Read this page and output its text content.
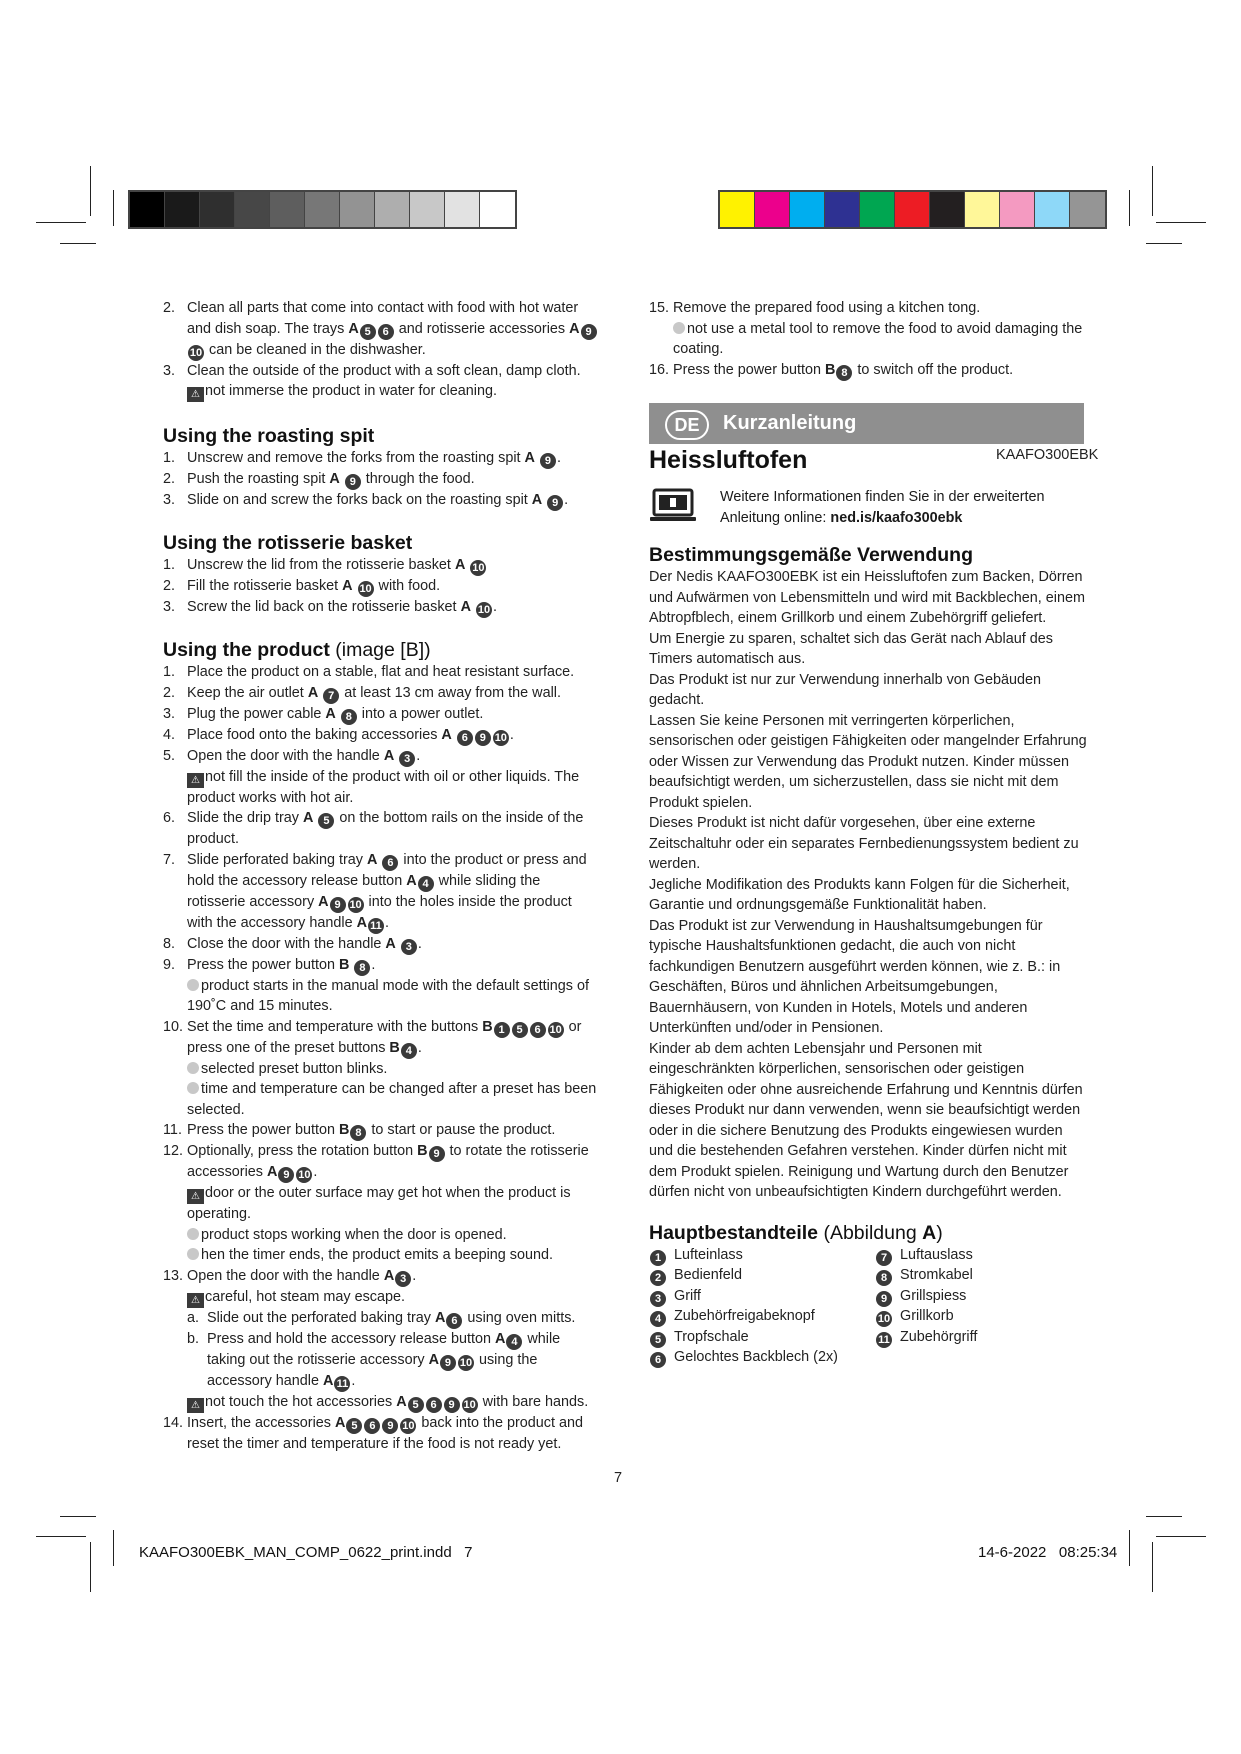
2. Clean all parts that come into contact with food with hot water and dish soap. The trays A 5 6 and rotisserie accessories A 910 can be cleaned in the dishwasher.
3. Clean the outside of the product with a soft clean, damp cloth.
⚠ not immerse the product in water for cleaning.
Using the roasting spit
1. Unscrew and remove the forks from the roasting spit A 9 .
2. Push the roasting spit A 9 through the food.
3. Slide on and screw the forks back on the roasting spit A 9 .
Using the rotisserie basket
1. Unscrew the lid from the rotisserie basket A 10
2. Fill the rotisserie basket A 10 with food.
3. Screw the lid back on the rotisserie basket A 10 .
Using the product (image [B])
1. Place the product on a stable, flat and heat resistant surface.
2. Keep the air outlet A 7 at least 13 cm away from the wall.
3. Plug the power cable A 8 into a power outlet.
4. Place food onto the baking accessories A 6 9 10 .
5. Open the door with the handle A 3 .
⚠ not fill the inside of the product with oil or other liquids. The product works with hot air.
6. Slide the drip tray A 5 on the bottom rails on the inside of the product.
7. Slide perforated baking tray A 6 into the product or press and hold the accessory release button A 4 while sliding the rotisserie accessory A 9 10 into the holes inside the product with the accessory handle A 11 .
8. Close the door with the handle A 3 .
9. Press the power button B 8 .
product starts in the manual mode with the default settings of 190˚C and 15 minutes.
10. Set the time and temperature with the buttons B 1 5 6 10 or press one of the preset buttons B 4 .
selected preset button blinks.
time and temperature can be changed after a preset has been selected.
11. Press the power button B 8 to start or pause the product.
12. Optionally, press the rotation button B 9 to rotate the rotisserie accessories A 9 10 .
⚠ door or the outer surface may get hot when the product is operating.
product stops working when the door is opened.
hen the timer ends, the product emits a beeping sound.
13. Open the door with the handle A 3 .
⚠ careful, hot steam may escape.
a. Slide out the perforated baking tray A 6 using oven mitts.
b. Press and hold the accessory release button A 4 while taking out the rotisserie accessory A 9 10 using the accessory handle A 11 .
⚠ not touch the hot accessories A 5 6 9 10 with bare hands.
14. Insert, the accessories A 5 6 9 10 back into the product and reset the timer and temperature if the food is not ready yet.
15. Remove the prepared food using a kitchen tong.
not use a metal tool to remove the food to avoid damaging the coating.
16. Press the power button B 8 to switch off the product.
DE	Kurzanleitung
Heissluftofen	KAAFO300EBK
Weitere Informationen finden Sie in der erweiterten
Anleitung online: ned.is/kaafo300ebk
Bestimmungsgemäße Verwendung

Der Nedis KAAFO300EBK ist ein Heissluftofen zum Backen, Dörren und Aufwärmen von Lebensmitteln und wird mit Backblechen, einem Abtropfblech, einem Grillkorb und einem Zubehörgriff geliefert.

Um Energie zu sparen, schaltet sich das Gerät nach Ablauf des Timers automatisch aus.

Das Produkt ist nur zur Verwendung innerhalb von Gebäuden gedacht.

Lassen Sie keine Personen mit verringerten körperlichen, sensorischen oder geistigen Fähigkeiten oder mangelnder Erfahrung oder Wissen zur Verwendung das Produkt nutzen. Kinder müssen beaufsichtigt werden, um sicherzustellen, dass sie nicht mit dem Produkt spielen.

Dieses Produkt ist nicht dafür vorgesehen, über eine externe Zeitschaltuhr oder ein separates Fernbedienungssystem bedient zu werden.

Jegliche Modifikation des Produkts kann Folgen für die Sicherheit, Garantie und ordnungsgemäße Funktionalität haben.

Das Produkt ist zur Verwendung in Haushaltsumgebungen für typische Haushaltsfunktionen gedacht, die auch von nicht fachkundigen Benutzern ausgeführt werden können, wie z. B.: in Geschäften, Büros und ähnlichen Arbeitsumgebungen, Bauernhäusern, von Kunden in Hotels, Motels und anderen Unterkünften und/oder in Pensionen.

Kinder ab dem achten Lebensjahr und Personen mit eingeschränkten körperlichen, sensorischen oder geistigen Fähigkeiten oder ohne ausreichende Erfahrung und Kenntnis dürfen dieses Produkt nur dann verwenden, wenn sie beaufsichtigt werden oder in die sichere Benutzung des Produkts eingewiesen wurden und die bestehenden Gefahren verstehen. Kinder dürfen nicht mit dem Produkt spielen. Reinigung und Wartung durch den Benutzer dürfen nicht von unbeaufsichtigten Kindern durchgeführt werden.

Hauptbestandteile (Abbildung A)
1 Lufteinlass
2 Bedienfeld
3 Griff
4 Zubehörfreigabeknopf
5 Tropfschale
6 Gelochtes Backblech (2x)
7 Luftauslass
8 Stromkabel
9 Grillspiess
10 Grillkorb
11 Zubehörgriff
7
KAAFO300EBK_MAN_COMP_0622_print.indd   7	14-6-2022   08:25:34
